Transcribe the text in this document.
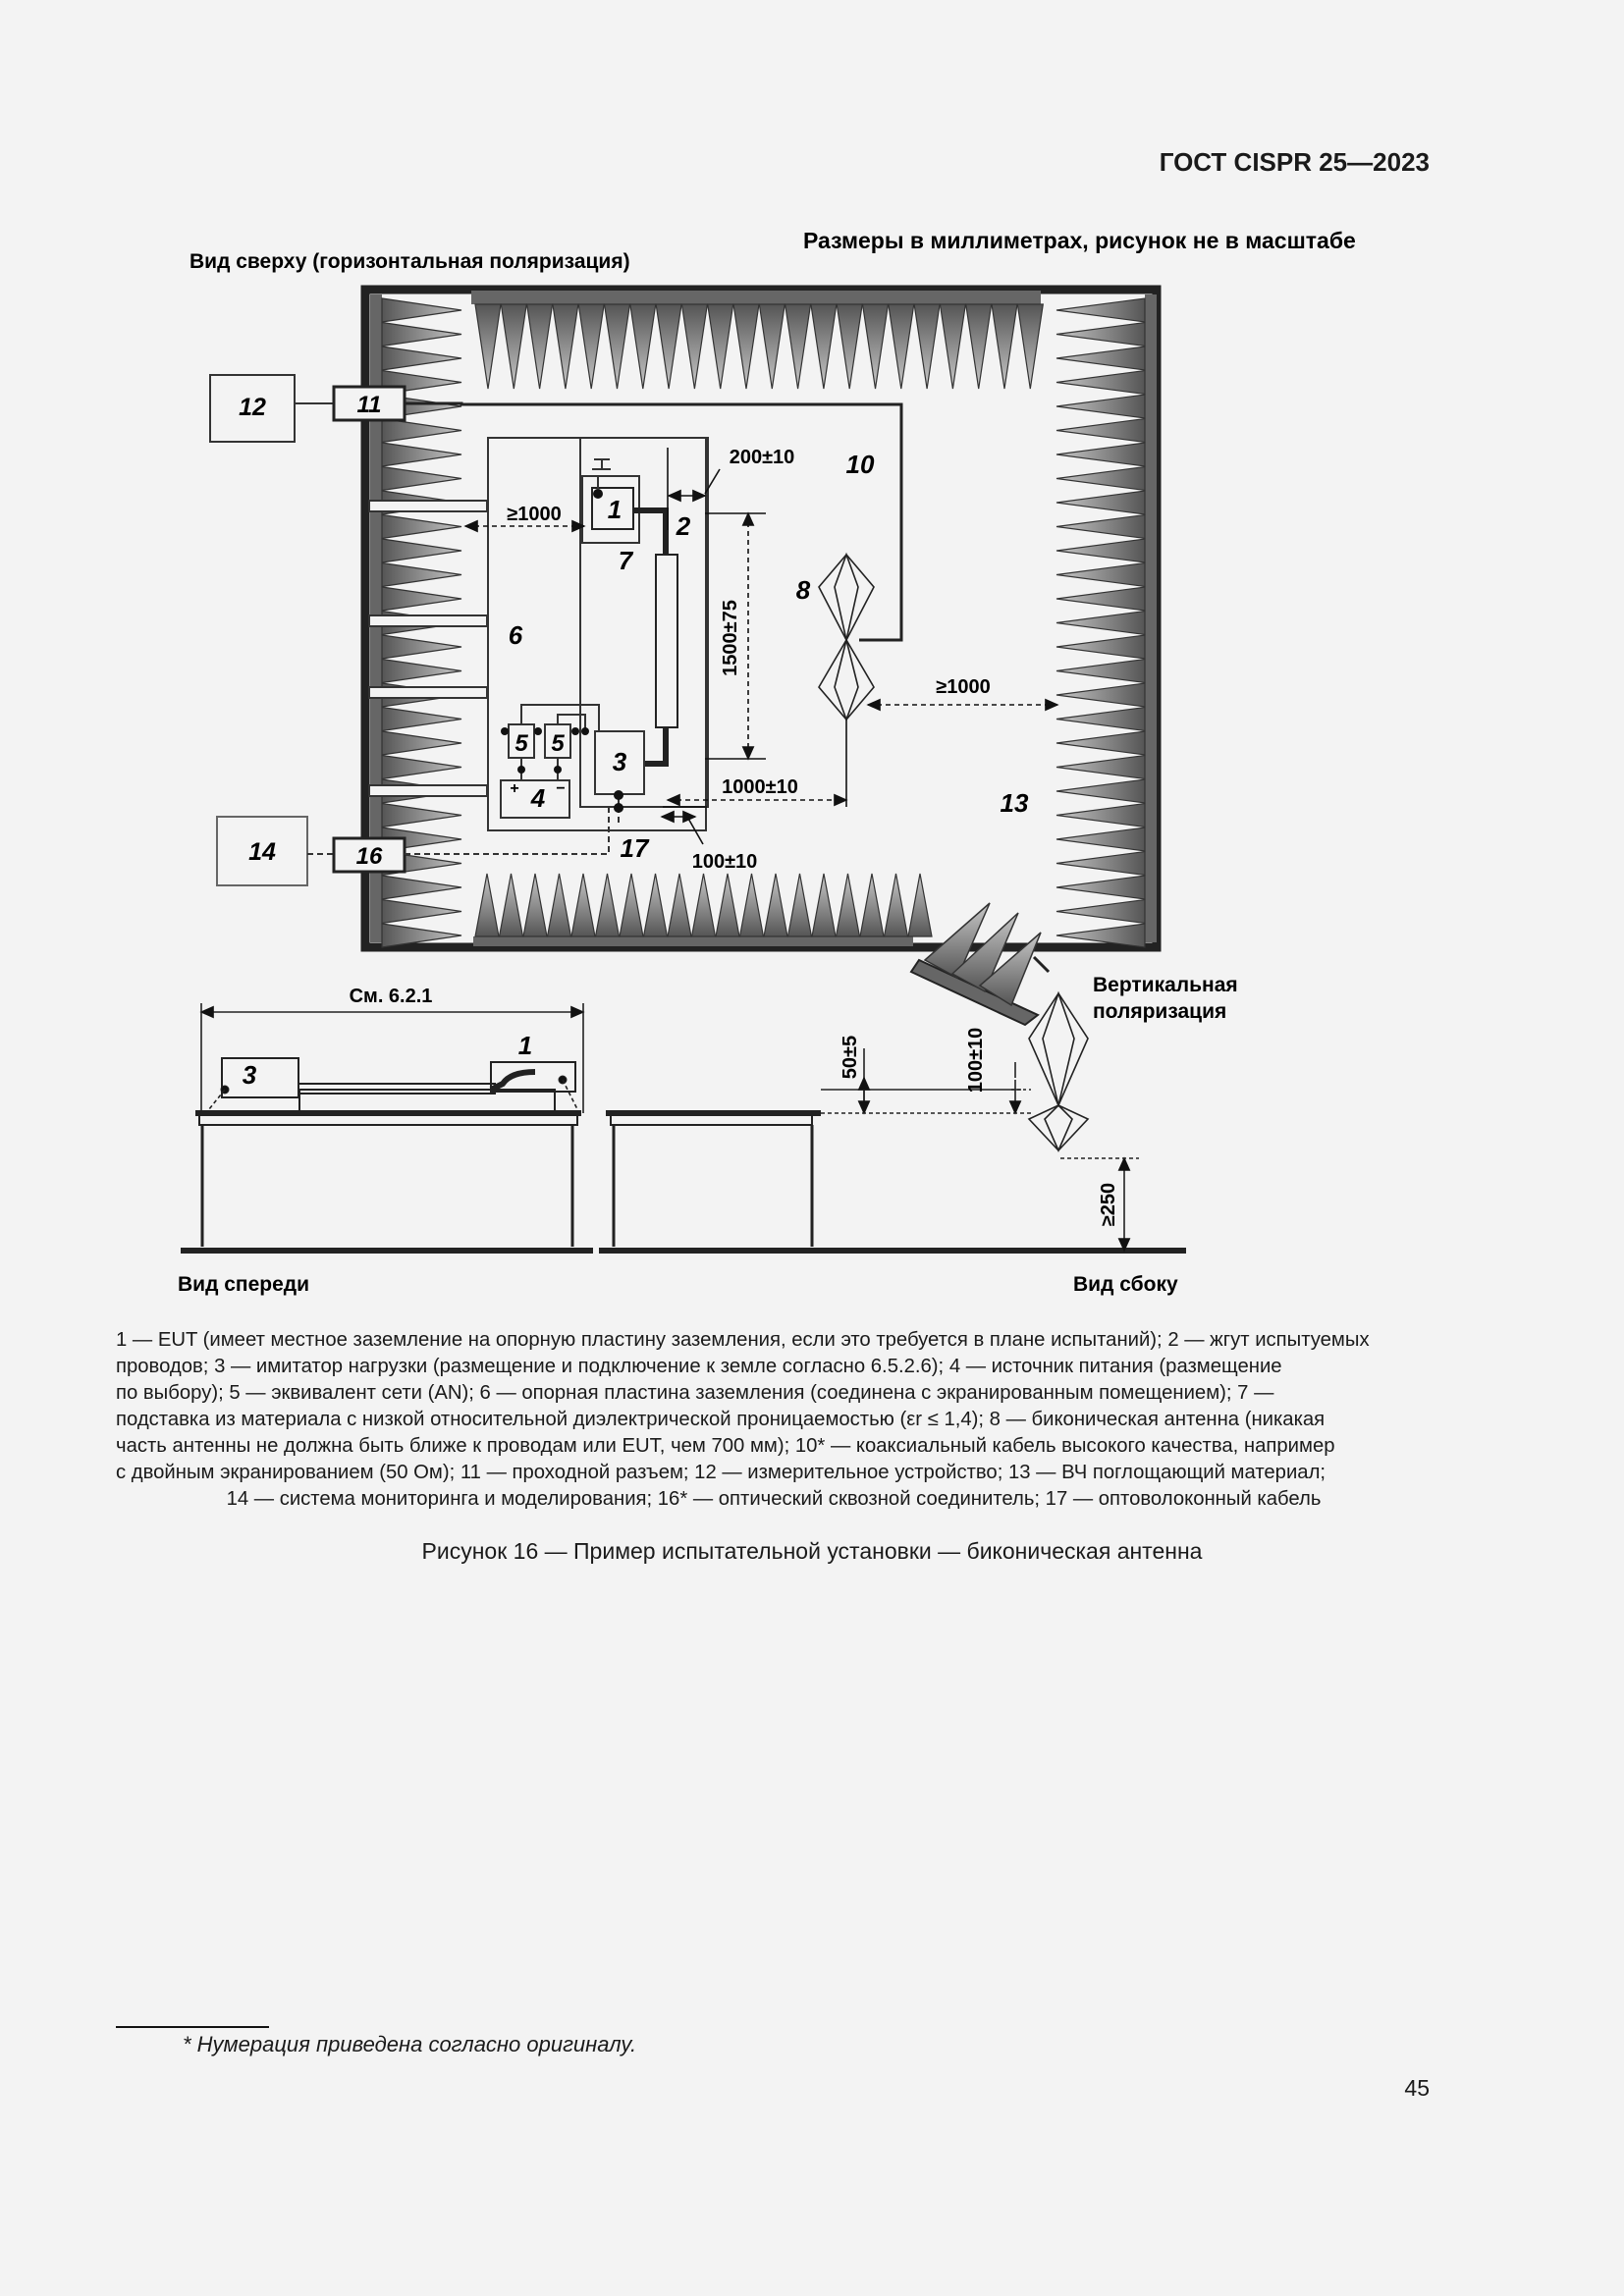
ГОСТ CISPR 25—2023
Вид сверху (горизонтальная поляризация)
Размеры в миллиметрах, рисунок не в масштабе
12	11
14	16
1
3
4
+ −
5 5
2
7
6
8
10
13
17
200±10
≥1000
1500±75
≥1000
1000±10
100±10
См. 6.2.1
1
3	50±5	100±10
≥250
Вертикальная
поляризация
Вид спереди	Вид сбоку

1 — EUT (имеет местное заземление на опорную пластину заземления, если это требуется в плане испытаний); 2 — жгут испытуемых

проводов; 3 — имитатор нагрузки (размещение и подключение к земле согласно 6.5.2.6); 4 — источник питания (размещение

по выбору); 5 — эквивалент сети (AN); 6 — опорная пластина заземления (соединена с экранированным помещением); 7 —

подставка из материала с низкой относительной диэлектрической проницаемостью (εr ≤ 1,4); 8 — биконическая антенна (никакая

часть антенны не должна быть ближе к проводам или EUT, чем 700 мм); 10* — коаксиальный кабель высокого качества, например

с двойным экранированием (50 Ом); 11 — проходной разъем; 12 — измерительное устройство; 13 — ВЧ поглощающий материал;

14 — система мониторинга и моделирования; 16* — оптический сквозной соединитель; 17 — оптоволоконный кабель

Рисунок 16 — Пример испытательной установки — биконическая антенна
* Нумерация приведена согласно оригиналу.
45
